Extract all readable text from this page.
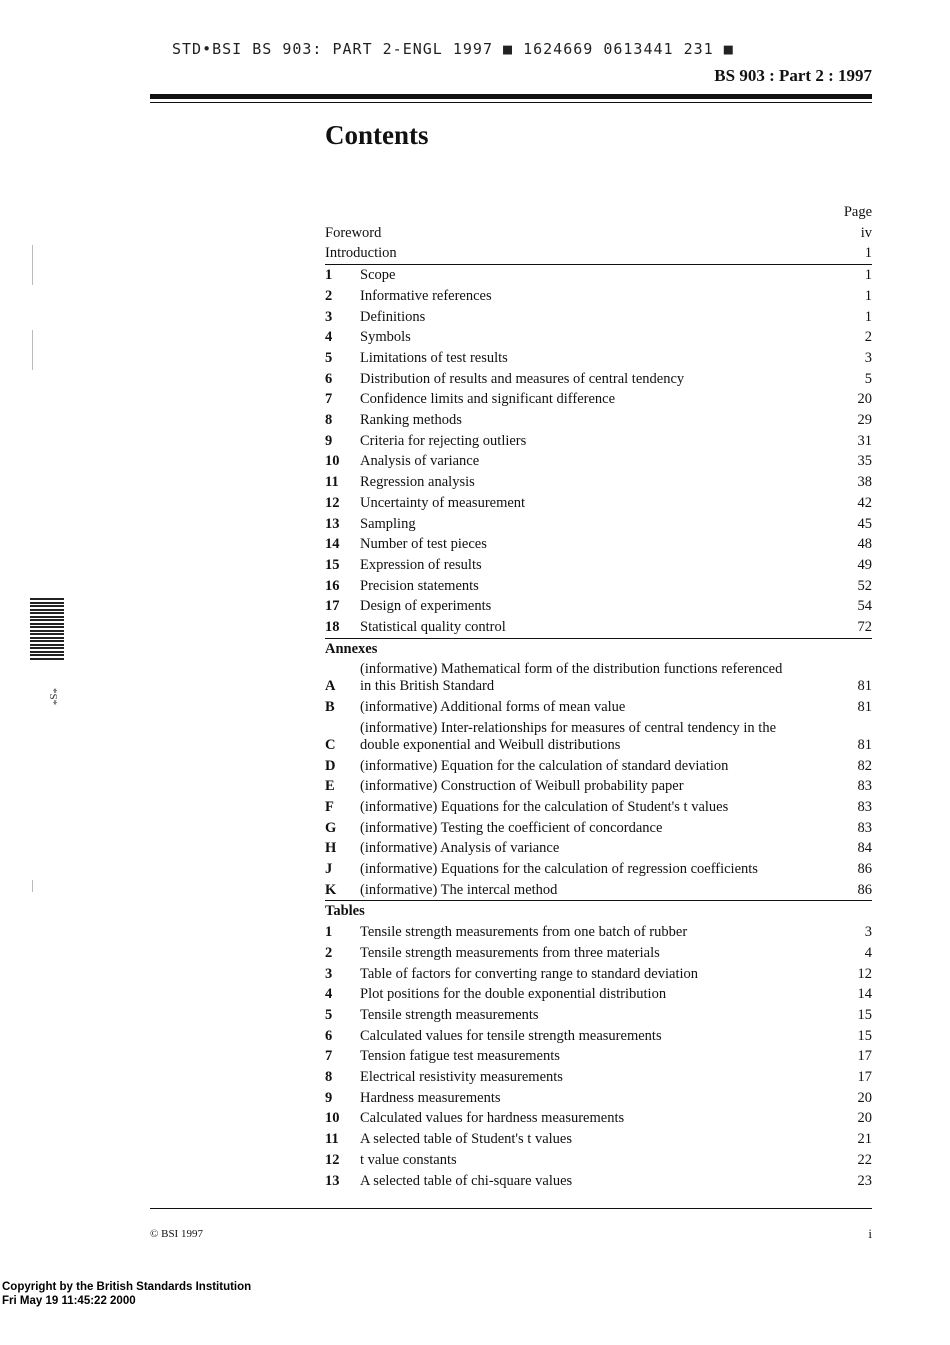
STD•BSI BS 903: PART 2-ENGL 1997 ■ 1624669 0613441 231 ■
BS 903 : Part 2 : 1997
Contents
Page
Foreword	iv
Introduction	1
1	Scope	1
2	Informative references	1
3	Definitions	1
4	Symbols	2
5	Limitations of test results	3
6	Distribution of results and measures of central tendency	5
7	Confidence limits and significant difference	20
8	Ranking methods	29
9	Criteria for rejecting outliers	31
10	Analysis of variance	35
11	Regression analysis	38
12	Uncertainty of measurement	42
13	Sampling	45
14	Number of test pieces	48
15	Expression of results	49
16	Precision statements	52
17	Design of experiments	54
18	Statistical quality control	72
Annexes
A
(informative) Mathematical form of the distribution functions referenced
in this British Standard	81
B	(informative) Additional forms of mean value	81
C
(informative) Inter-relationships for measures of central tendency in the
double exponential and Weibull distributions	81
D	(informative) Equation for the calculation of standard deviation	82
E	(informative) Construction of Weibull probability paper	83
F	(informative) Equations for the calculation of Student's t values	83
G	(informative) Testing the coefficient of concordance	83
H	(informative) Analysis of variance	84
J	(informative) Equations for the calculation of regression coefficients	86
K	(informative) The intercal method	86
Tables
1	Tensile strength measurements from one batch of rubber	3
2	Tensile strength measurements from three materials	4
3	Table of factors for converting range to standard deviation	12
4	Plot positions for the double exponential distribution	14
5	Tensile strength measurements	15
6	Calculated values for tensile strength measurements	15
7	Tension fatigue test measurements	17
8	Electrical resistivity measurements	17
9	Hardness measurements	20
10	Calculated values for hardness measurements	20
11	A selected table of Student's t values	21
12	t value constants	22
13	A selected table of chi-square values	23
© BSI 1997	i
Copyright by the British Standards Institution
Fri May 19 11:45:22 2000
*S*
